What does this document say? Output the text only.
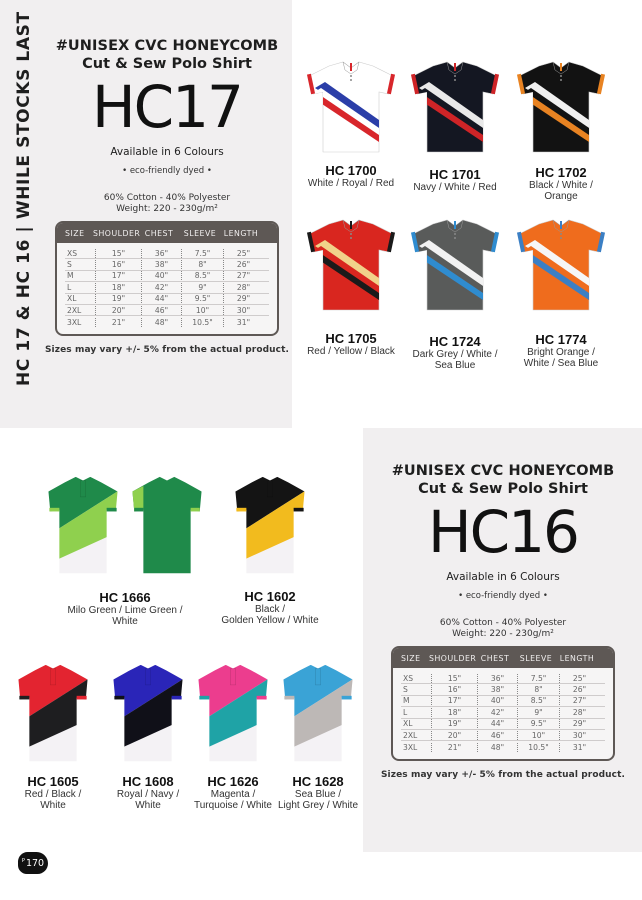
HC 17 & HC 16 | WHILE STOCKS LAST	#UNISEX CVC HONEYCOMB
Cut & Sew Polo Shirt
HC17
Available in 6 Colours
• eco-friendly dyed •
60% Cotton - 40% Polyester
Weight: 220 - 230g/m²
SIZE	SHOULDER CHEST	SLEEVE LENGTH
XS	15"	36"	7.5"	25"
S	16"	38"	8"	26"
M	17"	40"	8.5"	27"
L	18"	42"	9"	28"
XL	19"	44"	9.5"	29"
2XL	20"	46"	10"	30"
3XL	21"	48"	10.5"	31"
Sizes may vary +/- 5% from the actual product.
#UNISEX CVC HONEYCOMB
Cut & Sew Polo Shirt
HC16
Available in 6 Colours
• eco-friendly dyed •
60% Cotton - 40% Polyester
Weight: 220 - 230g/m²
SIZE	SHOULDER CHEST	SLEEVE LENGTH
XS	15"	36"	7.5"	25"
S	16"	38"	8"	26"
M	17"	40"	8.5"	27"
L	18"	42"	9"	28"
XL	19"	44"	9.5"	29"
2XL	20"	46"	10"	30"
3XL	21"	48"	10.5"	31"
Sizes may vary +/- 5% from the actual product.
HC 1700
White / Royal / Red
HC 1701
Navy / White / Red
HC 1702
Black / White /
Orange
HC 1705
Red / Yellow / Black
HC 1724
Dark Grey / White /
Sea Blue
HC 1774
Bright Orange /
White / Sea Blue
HC 1666
Milo Green / Lime Green /
White
HC 1602
Black /
Golden Yellow / White
HC 1605
Red / Black /
White
HC 1608
Royal / Navy /
White
HC 1626
Magenta /
Turquoise / White
HC 1628
Sea Blue /
Light Grey / White
P 170
